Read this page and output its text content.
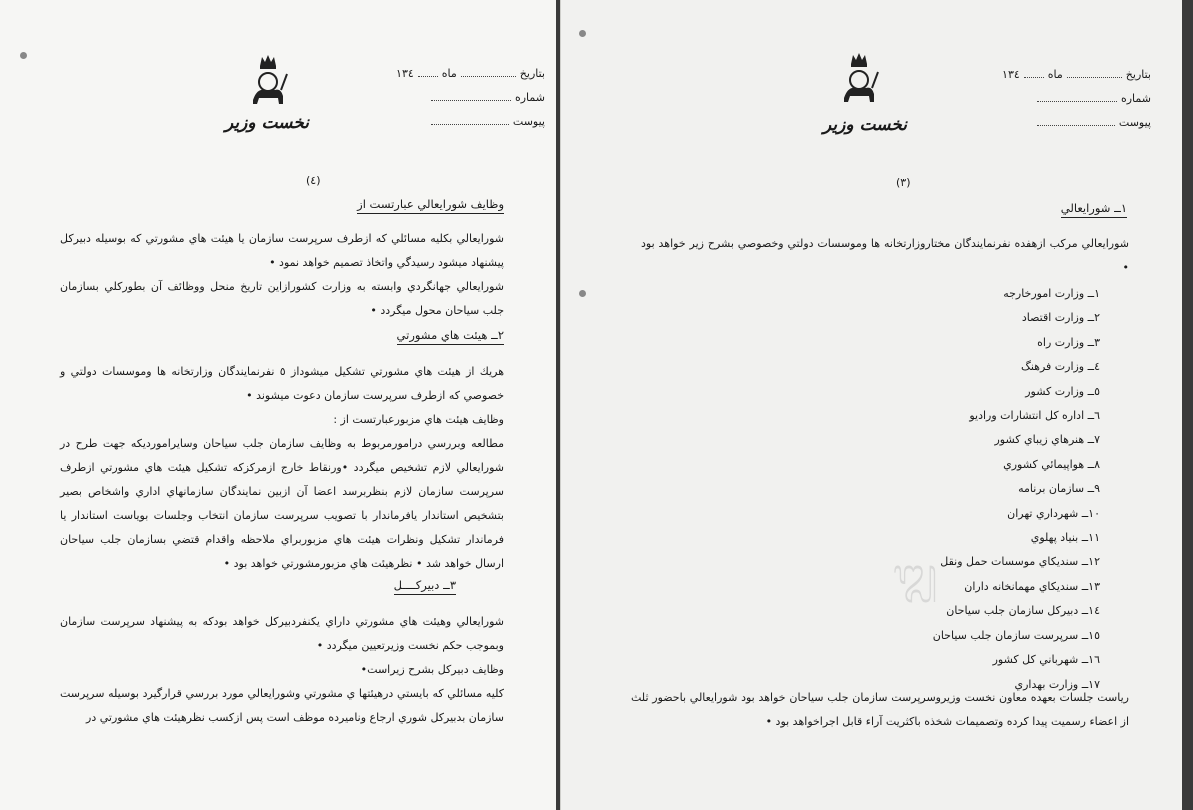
نخست وزير
بتاريخ
ماه
۱۳٤
شماره
پيوست
(٤)
وظايف شورايعالي عبارتست از
شورايعالي بكليه مسائلي كه ازطرف سرپرست سازمان يا هيئت هاي مشورتي كه بوسيله دبيركل پيشنهاد ميشود رسيدگي واتخاذ تصميم خواهد نمود •
شورايعالي جهانگردي وابسته به وزارت كشورازاين تاريخ منحل ووظائف آن بطوركلي بسازمان جلب سياحان محول ميگردد •
٢ــ هيئت هاي مشورتي
هريك از هيئت هاي مشورتي تشكيل ميشوداز ٥ نفرنمايندگان وزارتخانه ها وموسسات دولتي و خصوصي كه ازطرف سرپرست سازمان دعوت ميشوند •
وظايف هيئت هاي مزبورعبارتست از :
مطالعه وبررسي درامورمربوط به وظايف سازمان جلب سياحان وسايرامورديكه جهت طرح در شورايعالي لازم تشخيص ميگردد •ورنقاط خارج ازمركزكه تشكيل هيئت هاي مشورتي ازطرف سرپرست سازمان لازم بنظربرسد اعضا آن ازبين نمايندگان سازمانهاي اداري واشخاص بصير بتشخيص استاندار يافرماندار با تصويب سرپرست سازمان انتخاب وجلسات بوياست استاندار يا فرماندار تشكيل ونظرات هيئت هاي مزبوربراي ملاحظه واقدام قتضي بسازمان جلب سياحان ارسال خواهد شد • نظرهيئت هاي مزبورمشورتي خواهد بود •
٣ــ دبيركــــل
شورايعالي وهيئت هاي مشورتي داراي يكنفردبيركل خواهد بودكه به پيشنهاد سرپرست سازمان وبموجب حكم نخست وزيرتعيين ميگردد •
وظايف دبيركل بشرح زيراست•
كليه مسائلي كه بايستي درهيئتها ي مشورتي وشورايعالي مورد بررسي قرارگيرد بوسيله سرپرست سازمان بدبيركل شوري ارجاع وناميرده موظف است پس ازكسب نظرهيئت هاي مشورتي در
نخست وزير
بتاريخ
ماه
۱۳٤
شماره
پيوست
(٣)
١ــ شورايعالي
شورايعالي مركب ازهفده نفرنمايندگان مختاروزارتخانه ها وموسسات دولتي وخصوصي بشرح زير خواهد بود •
١ــ وزارت امورخارجه
٢ــ وزارت اقتصاد
٣ــ وزارت راه
٤ــ وزارت فرهنگ
٥ــ وزارت كشور
٦ــ اداره كل انتشارات ورادیو
٧ــ هنرهاي زيباي كشور
٨ــ هواپيمائي كشوري
٩ــ سازمان برنامه
١٠ــ شهرداري تهران
١١ــ بنياد پهلوي
١٢ــ سنديكاي موسسات حمل ونقل
١٣ــ سنديكاي مهمانخانه داران
١٤ــ دبيركل سازمان جلب سياحان
١٥ــ سرپرست سازمان جلب سياحان
١٦ــ شهرباني كل كشور
١٧ــ وزارت بهداري
رياست جلسات بعهده معاون نخست وزيروسرپرست سازمان جلب سياحان خواهد بود شورايعالي باحضور ثلث از اعضاء رسميت پيدا كرده وتصميمات شخذه باكثريت آراء قابل اجراخواهد بود •
᭩
